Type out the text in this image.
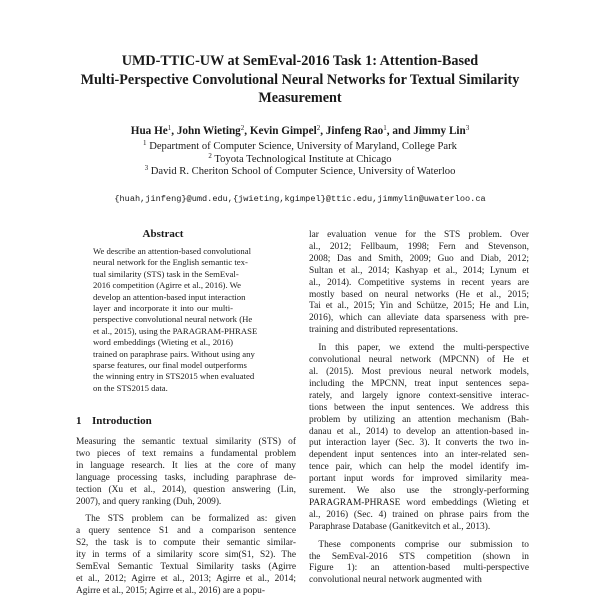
UMD-TTIC-UW at SemEval-2016 Task 1: Attention-Based
Multi-Perspective Convolutional Neural Networks for Textual Similarity
Measurement
Hua He$^1$, John Wieting$^2$, Kevin Gimpel$^2$, Jinfeng Rao$^1$, and Jimmy Lin$^3$
$^1$ Department of Computer Science, University of Maryland, College Park
$^2$ Toyota Technological Institute at Chicago
$^3$ David R. Cheriton School of Computer Science, University of Waterloo
{huah,jinfeng}@umd.edu,{jwieting,kgimpel}@ttic.edu,jimmylin@uwaterloo.ca
Abstract
We describe an attention-based convolutional
neural network for the English semantic tex-
tual similarity (STS) task in the SemEval-
2016 competition (Agirre et al., 2016). We
develop an attention-based input interaction
layer and incorporate it into our multi-
perspective convolutional neural network (He
et al., 2015), using the PARAGRAM-PHRASE
word embeddings (Wieting et al., 2016)
trained on paraphrase pairs. Without using any
sparse features, our final model outperforms
the winning entry in STS2015 when evaluated
on the STS2015 data.
1 Introduction
Measuring the semantic textual similarity (STS) of
two pieces of text remains a fundamental problem
in language research. It lies at the core of many
language processing tasks, including paraphrase de-
tection (Xu et al., 2014), question answering (Lin,
2007), and query ranking (Duh, 2009).
 The STS problem can be formalized as: given
a query sentence S1 and a comparison sentence
S2, the task is to compute their semantic similar-
ity in terms of a similarity score sim(S1, S2). The
SemEval Semantic Textual Similarity tasks (Agirre
et al., 2012; Agirre et al., 2013; Agirre et al., 2014;
Agirre et al., 2015; Agirre et al., 2016) are a popu-
lar evaluation venue for the STS problem. Over
al., 2012; Fellbaum, 1998; Fern and Stevenson,
2008; Das and Smith, 2009; Guo and Diab, 2012;
Sultan et al., 2014; Kashyap et al., 2014; Lynum et
al., 2014). Competitive systems in recent years are
mostly based on neural networks (He et al., 2015;
Tai et al., 2015; Yin and Schütze, 2015; He and Lin,
2016), which can alleviate data sparseness with pre-
training and distributed representations.
 In this paper, we extend the multi-perspective
convolutional neural network (MPCNN) of He et
al. (2015). Most previous neural network models,
including the MPCNN, treat input sentences sepa-
rately, and largely ignore context-sensitive interac-
tions between the input sentences. We address this
problem by utilizing an attention mechanism (Bah-
danau et al., 2014) to develop an attention-based in-
put interaction layer (Sec. 3). It converts the two in-
dependent input sentences into an inter-related sen-
tence pair, which can help the model identify im-
portant input words for improved similarity mea-
surement. We also use the strongly-performing
PARAGRAM-PHRASE word embeddings (Wieting et
al., 2016) (Sec. 4) trained on phrase pairs from the
Paraphrase Database (Ganitkevitch et al., 2013).
 These components comprise our submission to
the SemEval-2016 STS competition (shown in
Figure 1): an attention-based multi-perspective
convolutional neural network augmented with
